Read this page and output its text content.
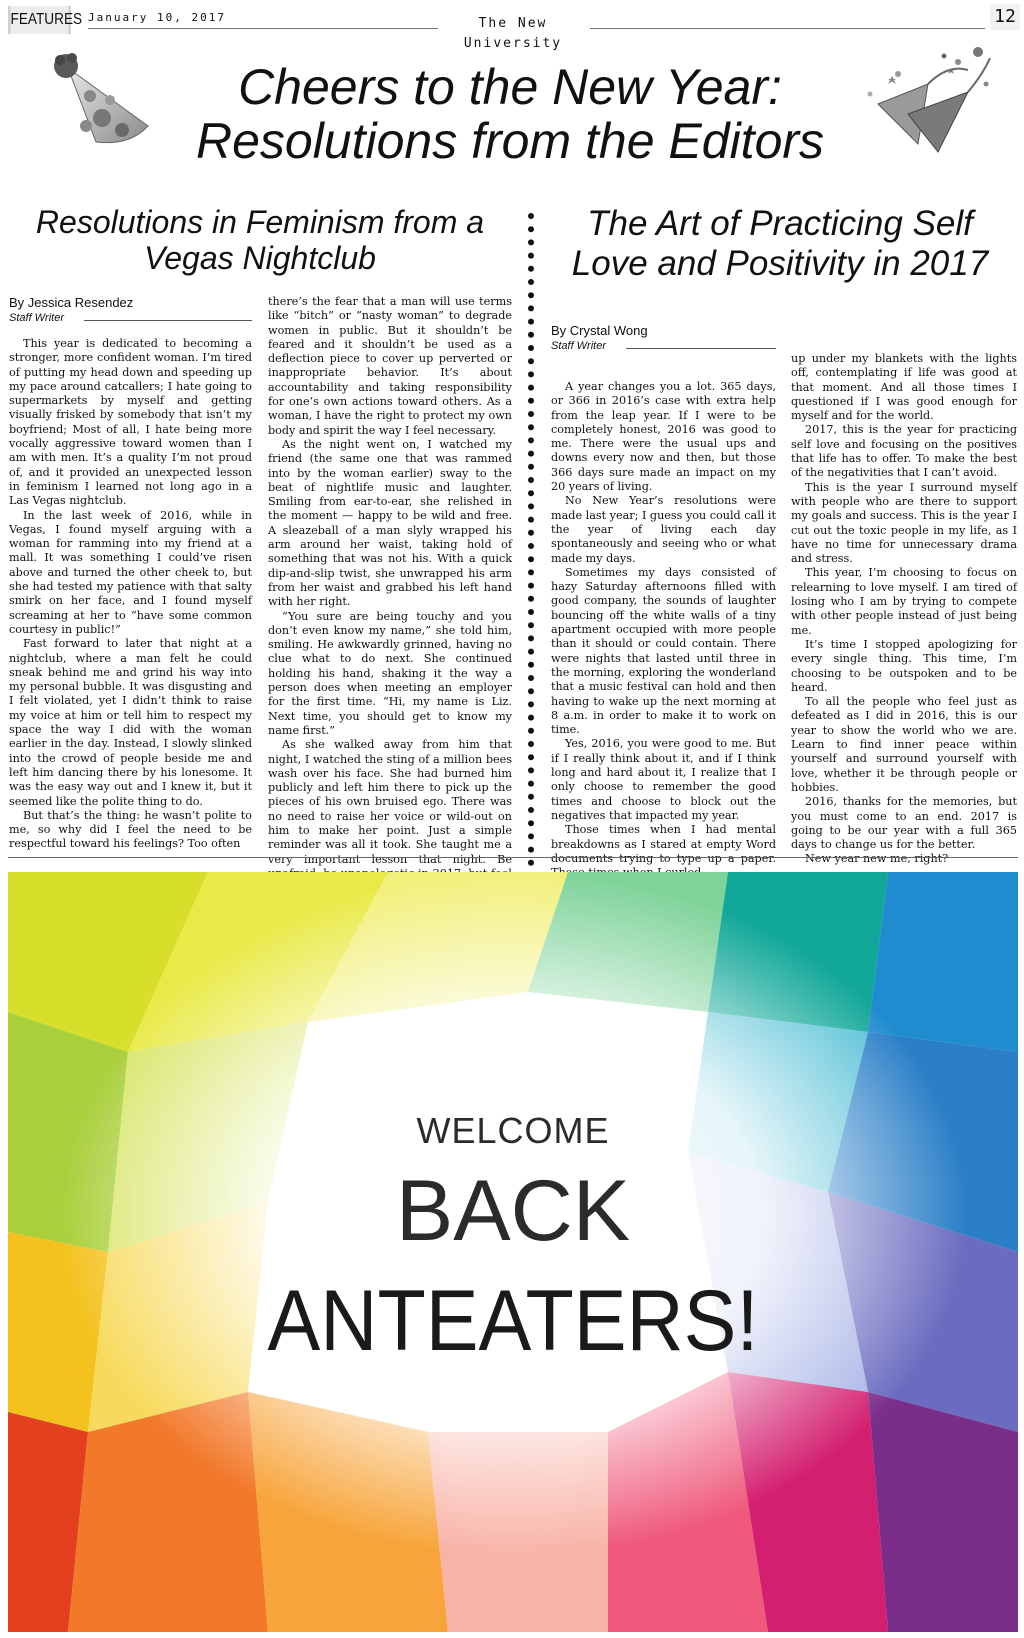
FEATURES January 10, 2017	The New University
12
Cheers to the New Year:
Resolutions from the Editors
Resolutions in Feminism from a Vegas Nightclub
By Jessica Resendez
Staff Writer

This year is dedicated to becoming a stronger, more confident woman. I’m tired of putting my head down and speeding up my pace around catcallers; I hate going to supermarkets by myself and getting visually frisked by somebody that isn’t my boyfriend; Most of all, I hate being more vocally aggressive toward women than I am with men. It’s a quality I’m not proud of, and it provided an unexpected lesson in feminism I learned not long ago in a Las Vegas nightclub.

In the last week of 2016, while in Vegas, I found myself arguing with a woman for ramming into my friend at a mall. It was something I could’ve risen above and turned the other cheek to, but she had tested my patience with that salty smirk on her face, and I found myself screaming at her to “have some common courtesy in public!”

Fast forward to later that night at a nightclub, where a man felt he could sneak behind me and grind his way into my personal bubble. It was disgusting and I felt violated, yet I didn’t think to raise my voice at him or tell him to respect my space the way I did with the woman earlier in the day. Instead, I slowly slinked into the crowd of people beside me and left him dancing there by his lonesome. It was the easy way out and I knew it, but it seemed like the polite thing to do.

But that’s the thing: he wasn’t polite to me, so why did I feel the need to be respectful toward his feelings? Too often

there’s the fear that a man will use terms like “bitch” or “nasty woman” to degrade women in public. But it shouldn’t be feared and it shouldn’t be used as a deflection piece to cover up perverted or inappropriate behavior. It’s about accountability and taking responsibility for one’s own actions toward others. As a woman, I have the right to protect my own body and spirit the way I feel necessary.

As the night went on, I watched my friend (the same one that was rammed into by the woman earlier) sway to the beat of nightlife music and laughter. Smiling from ear-to-ear, she relished in the moment — happy to be wild and free. A sleazeball of a man slyly wrapped his arm around her waist, taking hold of something that was not his. With a quick dip-and-slip twist, she unwrapped his arm from her waist and grabbed his left hand with her right.

“You sure are being touchy and you don’t even know my name,” she told him, smiling. He awkwardly grinned, having no clue what to do next. She continued holding his hand, shaking it the way a person does when meeting an employer for the first time. “Hi, my name is Liz. Next time, you should get to know my name first.”

As she walked away from him that night, I watched the sting of a million bees wash over his face. She had burned him publicly and left him there to pick up the pieces of his own bruised ego. There was no need to raise her voice or wild-out on him to make her point. Just a simple reminder was all it took. She taught me a very important lesson that night. Be

The Art of Practicing Self Love and Positivity in 2017
By Crystal Wong
Staff Writer

A year changes you a lot. 365 days, or 366 in 2016’s case with extra help from the leap year. If I were to be completely honest, 2016 was good to me. There were the usual ups and downs every now and then, but those 366 days sure made an impact on my 20 years of living.

No New Year’s resolutions were made last year; I guess you could call it the year of living each day spontaneously and seeing who or what made my days.

Sometimes my days consisted of hazy Saturday afternoons filled with good company, the sounds of laughter bouncing off the white walls of a tiny apartment occupied with more people than it should or could contain. There were nights that lasted until three in the morning, exploring the wonderland that a music festival can hold and then having to wake up the next morning at 8 a.m. in order to make it to work on time.

Yes, 2016, you were good to me. But if I really think about it, and if I think long and hard about it, I realize that I only choose to remember the good times and choose to block out the negatives that impacted my year.

Those times when I had mental breakdowns as I stared at empty Word documents trying to type up a paper.

up under my blankets with the lights off, contemplating if life was good at that moment. And all those times I questioned if I was good enough for myself and for the world.

2017, this is the year for practicing self love and focusing on the positives that life has to offer. To make the best of the negativities that I can’t avoid.

This is the year I surround myself with people who are there to support my goals and success. This is the year I cut out the toxic people in my life, as I have no time for unnecessary drama and stress.

This year, I’m choosing to focus on relearning to love myself. I am tired of losing who I am by trying to compete with other people instead of just being me.

It’s time I stopped apologizing for every single thing. This time, I’m choosing to be outspoken and to be heard.

To all the people who feel just as defeated as I did in 2016, this is our year to show the world who we are. Learn to find inner peace within yourself and surround yourself with love, whether it be through people or hobbies.

2016, thanks for the memories, but you must come to an end. 2017 is going to be our year with a full 365 days to change us for the better.

New year new me, right?

WELCOME
BACK
ANTEATERS!
